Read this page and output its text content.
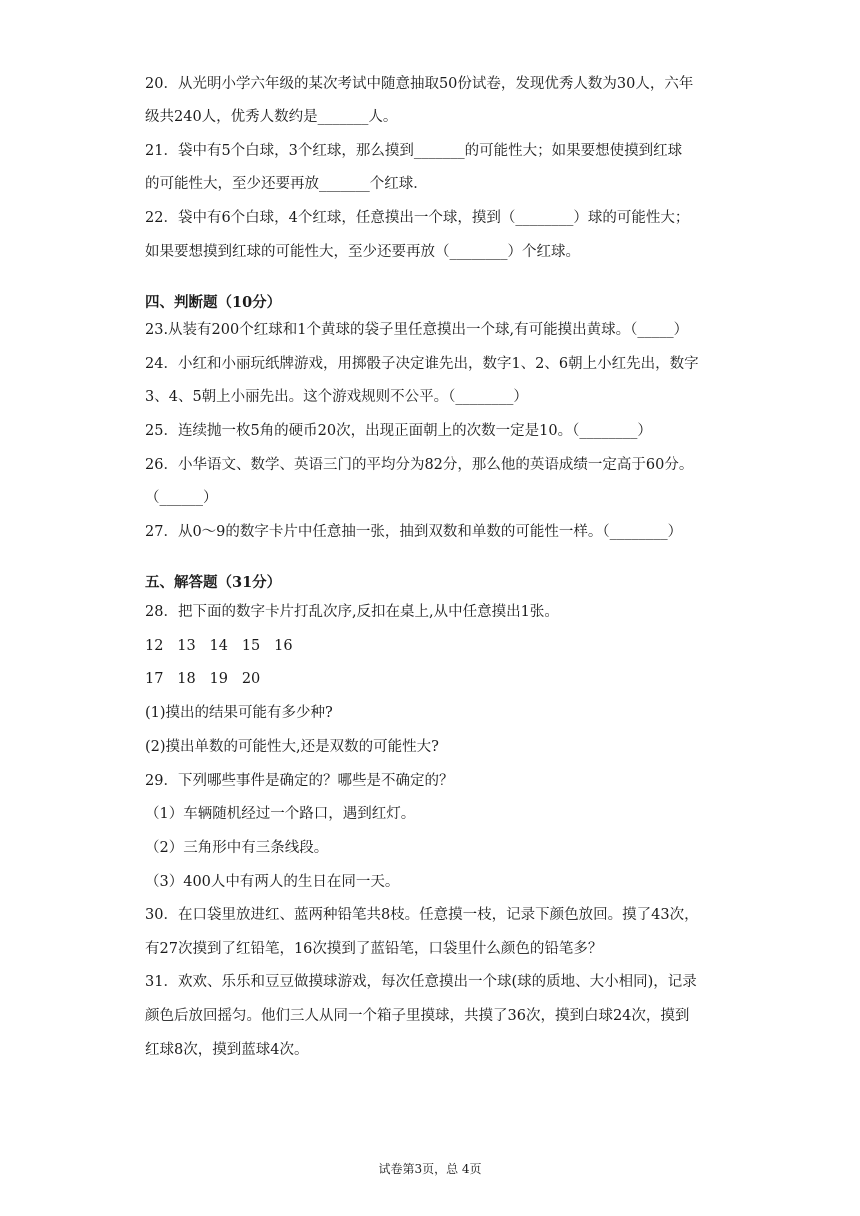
20．从光明小学六年级的某次考试中随意抽取50份试卷，发现优秀人数为30人，六年
级共240人，优秀人数约是_______人。
21．袋中有5个白球，3个红球，那么摸到_______的可能性大；如果要想使摸到红球
的可能性大，至少还要再放_______个红球．
22．袋中有6个白球，4个红球，任意摸出一个球，摸到（________）球的可能性大；
如果要想摸到红球的可能性大，至少还要再放（________）个红球。
四、判断题（10分）
23.从装有200个红球和1个黄球的袋子里任意摸出一个球,有可能摸出黄球。（_____）
24．小红和小丽玩纸牌游戏，用掷骰子决定谁先出，数字1、2、6朝上小红先出，数字
3、4、5朝上小丽先出。这个游戏规则不公平。（________）
25．连续抛一枚5角的硬币20次，出现正面朝上的次数一定是10。（________）
26．小华语文、数学、英语三门的平均分为82分，那么他的英语成绩一定高于60分。
（______）
27．从0～9的数字卡片中任意抽一张，抽到双数和单数的可能性一样。（________）
五、解答题（31分）
28．把下面的数字卡片打乱次序,反扣在桌上,从中任意摸出1张。
12   13   14   15   16
17   18   19   20
(1)摸出的结果可能有多少种?
(2)摸出单数的可能性大,还是双数的可能性大?
29．下列哪些事件是确定的？哪些是不确定的？
（1）车辆随机经过一个路口，遇到红灯。
（2）三角形中有三条线段。
（3）400人中有两人的生日在同一天。
30．在口袋里放进红、蓝两种铅笔共8枝。任意摸一枝，记录下颜色放回。摸了43次，
有27次摸到了红铅笔，16次摸到了蓝铅笔，口袋里什么颜色的铅笔多？
31．欢欢、乐乐和豆豆做摸球游戏，每次任意摸出一个球(球的质地、大小相同)，记录
颜色后放回摇匀。他们三人从同一个箱子里摸球，共摸了36次，摸到白球24次，摸到
红球8次，摸到蓝球4次。
试卷第3页，总 4页
